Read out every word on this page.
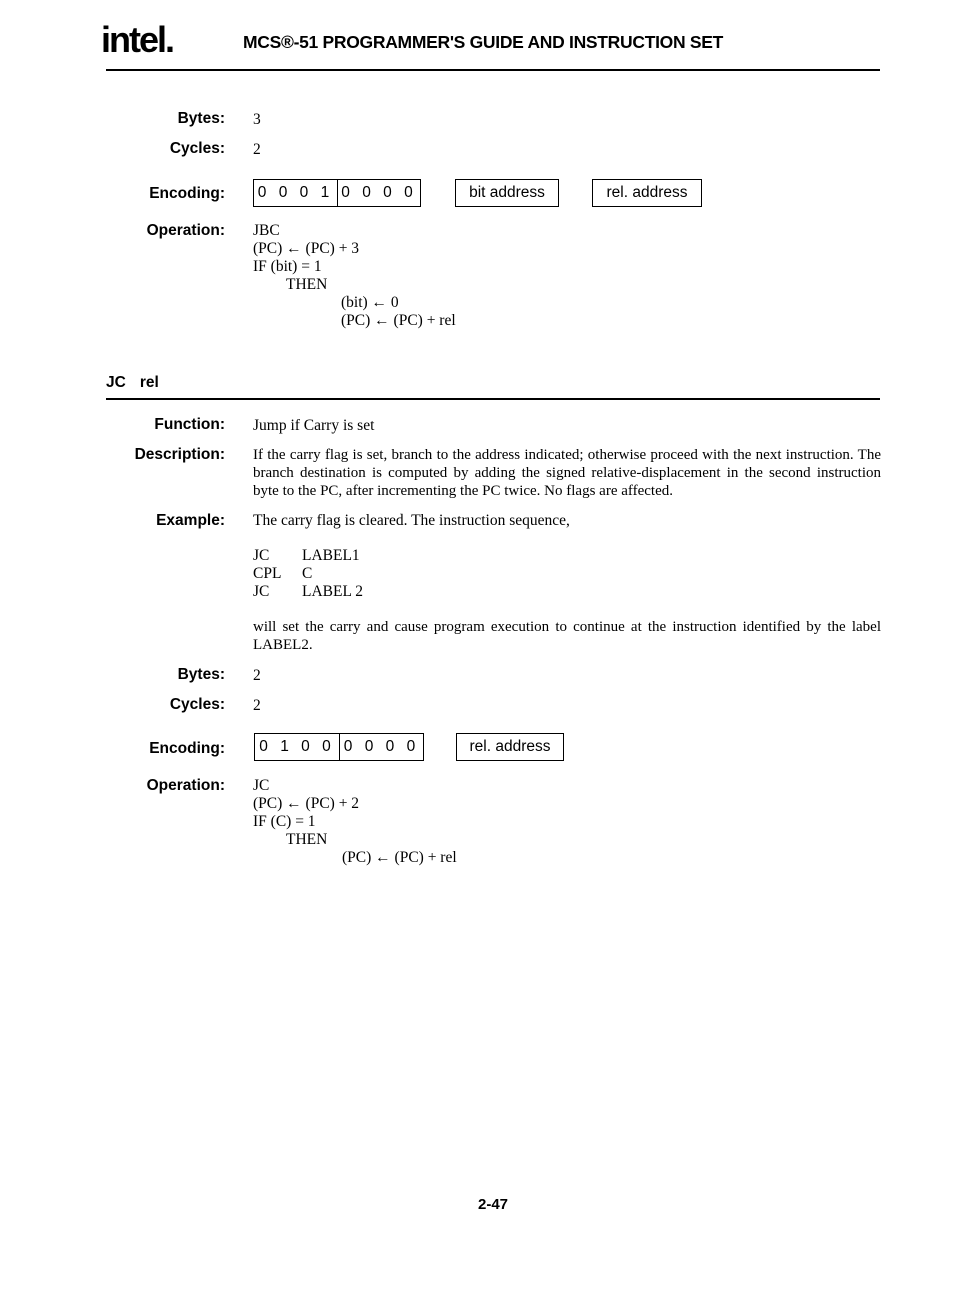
intel.	MCS®-51 PROGRAMMER'S GUIDE AND INSTRUCTION SET
Bytes: 3
Cycles: 2
Encoding: 0 0 0 1 0 0 0 0	bit address	rel. address
Operation: JBC
(PC) ← (PC) + 3
IF (bit) = 1
THEN
(bit) ← 0
(PC) ← (PC) + rel
JC rel
Function: Jump if Carry is set
Description: If the carry flag is set, branch to the address indicated; otherwise proceed with the next instruction. The branch destination is computed by adding the signed relative-displacement in the second instruction byte to the PC, after incrementing the PC twice. No flags are affected.
Example: The carry flag is cleared. The instruction sequence,
JC LABEL1
CPL C
JC LABEL 2
will set the carry and cause program execution to continue at the instruction identified by the label LABEL2.
Bytes: 2
Cycles: 2
Encoding: 0 1 0 0 0 0 0 0	rel. address
Operation: JC
(PC) ← (PC) + 2
IF (C) = 1
THEN
(PC) ← (PC) + rel
2-47
